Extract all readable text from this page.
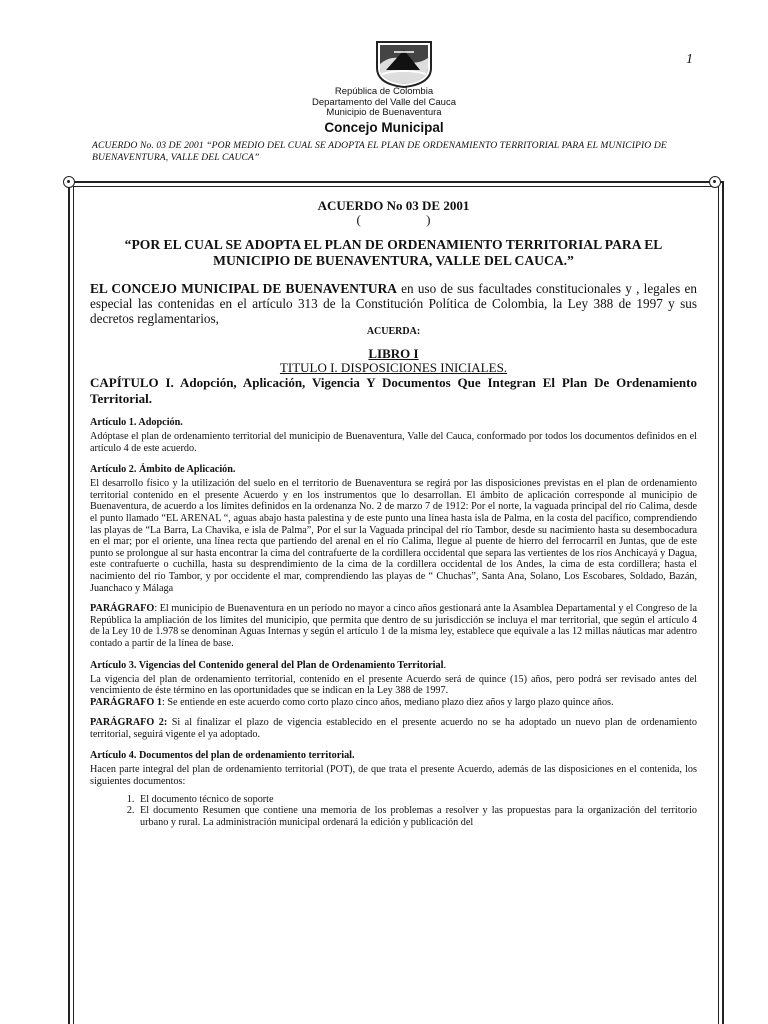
1
República de Colombia
Departamento del Valle del Cauca
Municipio de Buenaventura
Concejo Municipal
ACUERDO No. 03 DE 2001 “POR MEDIO DEL CUAL SE ADOPTA EL PLAN DE ORDENAMIENTO TERRITORIAL PARA EL MUNICIPIO DE BUENAVENTURA, VALLE DEL CAUCA”
ACUERDO No 03 DE 2001
( )
“POR EL CUAL SE ADOPTA EL PLAN DE ORDENAMIENTO TERRITORIAL PARA EL MUNICIPIO DE BUENAVENTURA, VALLE DEL CAUCA.”
EL CONCEJO MUNICIPAL DE BUENAVENTURA en uso de sus facultades constitucionales y , legales en especial las contenidas en el artículo 313 de la Constitución Política de Colombia, la Ley 388 de 1997 y sus decretos reglamentarios,
ACUERDA:
LIBRO I
TITULO I. DISPOSICIONES INICIALES.
CAPÍTULO I. Adopción, Aplicación, Vigencia Y Documentos Que Integran El Plan De Ordenamiento Territorial.
Artículo 1. Adopción.
Adóptase el plan de ordenamiento territorial del municipio de Buenaventura, Valle del Cauca, conformado por todos los documentos definidos en el artículo 4 de este acuerdo.
Artículo 2. Ámbito de Aplicación.
El desarrollo físico y la utilización del suelo en el territorio de Buenaventura se regirá por las disposiciones previstas en el plan de ordenamiento territorial contenido en el presente Acuerdo y en los instrumentos que lo desarrollan. El ámbito de aplicación corresponde al municipio de Buenaventura, de acuerdo a los límites definidos en la ordenanza No. 2 de marzo 7 de 1912: Por el norte, la vaguada principal del río Calima, desde el punto llamado “EL ARENAL “, aguas abajo hasta palestina y de este punto una línea hasta isla de Palma, en la costa del pacífico, comprendiendo las playas de “La Barra, La Chavika, e isla de Palma”, Por el sur la Vaguada principal del río Tambor, desde su nacimiento hasta su desembocadura en el mar; por el oriente, una línea recta que partiendo del arenal en el río Calima, llegue al puente de hierro del ferrocarril en Juntas, que de este punto se prolongue al sur hasta encontrar la cima del contrafuerte de la cordillera occidental que separa las vertientes de los ríos Anchicayá y Dagua, este contrafuerte o cuchilla, hasta su desprendimiento de la cima de la cordillera occidental de los Andes, la cima de esta cordillera; hasta el nacimiento del río Tambor, y por occidente el mar, comprendiendo las playas de “ Chuchas”, Santa Ana, Solano, Los Escobares, Soldado, Bazán, Juanchaco y Málaga
PARÁGRAFO: El municipio de Buenaventura en un período no mayor a cinco años gestionará ante la Asamblea Departamental y el Congreso de la República la ampliación de los límites del municipio, que permita que dentro de su jurisdicción se incluya el mar territorial, que según el artículo 4 de la Ley 10 de 1.978 se denominan Aguas Internas y según el artículo 1 de la misma ley, establece que equivale a las 12 millas náuticas mar adentro contado a partir de la línea de base.
Artículo 3. Vigencias del Contenido general del Plan de Ordenamiento Territorial.
La vigencia del plan de ordenamiento territorial, contenido en el presente Acuerdo será de quince (15) años, pero podrá ser revisado antes del vencimiento de éste término en las oportunidades que se indican en la Ley 388 de 1997.
PARÁGRAFO 1: Se entiende en este acuerdo como corto plazo cinco años, mediano plazo diez años y largo plazo quince años.
PARÁGRAFO 2: Si al finalizar el plazo de vigencia establecido en el presente acuerdo no se ha adoptado un nuevo plan de ordenamiento territorial, seguirá vigente el ya adoptado.
Artículo 4. Documentos del plan de ordenamiento territorial.
Hacen parte integral del plan de ordenamiento territorial (POT), de que trata el presente Acuerdo, además de las disposiciones en el contenida, los siguientes documentos:
1. El documento técnico de soporte
2. El documento Resumen que contiene una memoria de los problemas a resolver y las propuestas para la organización del territorio urbano y rural. La administración municipal ordenará la edición y publicación del
